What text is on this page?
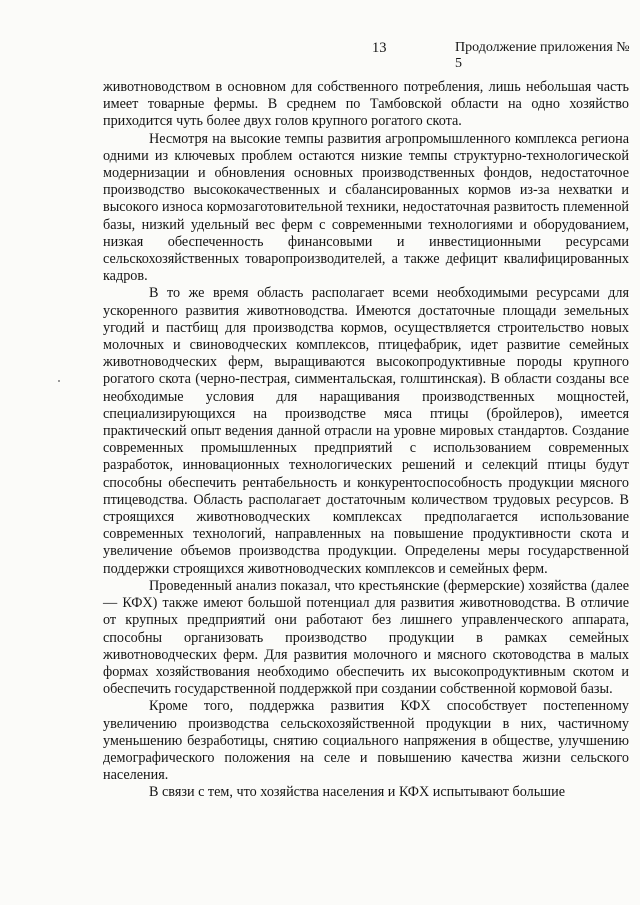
13	Продолжение приложения № 5

животноводством в основном для собственного потребления, лишь небольшая часть имеет товарные фермы. В среднем по Тамбовской области на одно хозяйство приходится чуть более двух голов крупного рогатого скота.

Несмотря на высокие темпы развития агропромышленного комплекса региона одними из ключевых проблем остаются низкие темпы структурно-технологической модернизации и обновления основных производственных фондов, недостаточное производство высококачественных и сбалансированных кормов из-за нехватки и высокого износа кормозаготовительной техники, недостаточная развитость племенной базы, низкий удельный вес ферм с современными технологиями и оборудованием, низкая обеспеченность финансовыми и инвестиционными ресурсами сельскохозяйственных товаропроизводителей, а также дефицит квалифицированных кадров.

В то же время область располагает всеми необходимыми ресурсами для ускоренного развития животноводства. Имеются достаточные площади земельных угодий и пастбищ для производства кормов, осуществляется строительство новых молочных и свиноводческих комплексов, птицефабрик, идет развитие семейных животноводческих ферм, выращиваются высокопродуктивные породы крупного рогатого скота (черно-пестрая, симментальская, голштинская). В области созданы все необходимые условия для наращивания производственных мощностей, специализирующихся на производстве мяса птицы (бройлеров), имеется практический опыт ведения данной отрасли на уровне мировых стандартов. Создание современных промышленных предприятий с использованием современных разработок, инновационных технологических решений и селекций птицы будут способны обеспечить рентабельность и конкурентоспособность продукции мясного птицеводства. Область располагает достаточным количеством трудовых ресурсов. В строящихся животноводческих комплексах предполагается использование современных технологий, направленных на повышение продуктивности скота и увеличение объемов производства продукции. Определены меры государственной поддержки строящихся животноводческих комплексов и семейных ферм.

Проведенный анализ показал, что крестьянские (фермерские) хозяйства (далее — КФХ) также имеют большой потенциал для развития животноводства. В отличие от крупных предприятий они работают без лишнего управленческого аппарата, способны организовать производство продукции в рамках семейных животноводческих ферм. Для развития молочного и мясного скотоводства в малых формах хозяйствования необходимо обеспечить их высокопродуктивным скотом и обеспечить государственной поддержкой при создании собственной кормовой базы.

Кроме того, поддержка развития КФХ способствует постепенному увеличению производства сельскохозяйственной продукции в них, частичному уменьшению безработицы, снятию социального напряжения в обществе, улучшению демографического положения на селе и повышению качества жизни сельского населения.

В связи с тем, что хозяйства населения и КФХ испытывают большие
